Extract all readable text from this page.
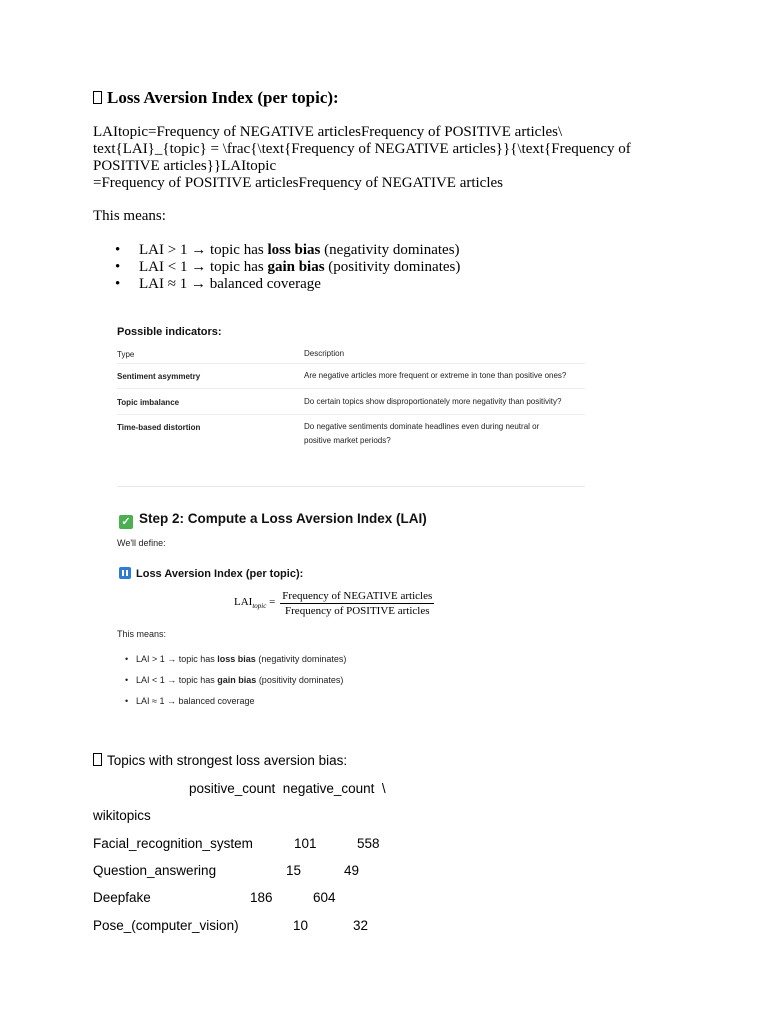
Loss Aversion Index (per topic):
LAItopic=Frequency of NEGATIVE articlesFrequency of POSITIVE articles\
text{LAI}_{topic} = \frac{\text{Frequency of NEGATIVE articles}}{\text{Frequency of
POSITIVE articles}}LAItopic
=Frequency of POSITIVE articlesFrequency of NEGATIVE articles
This means:
• LAI > 1 → topic has loss bias (negativity dominates)
• LAI < 1 → topic has gain bias (positivity dominates)
• LAI ≈ 1 → balanced coverage
Possible indicators:
Type	Description
Sentiment asymmetry	Are negative articles more frequent or extreme in tone than positive ones?
Topic imbalance	Do certain topics show disproportionately more negativity than positivity?
Time-based distortion	Do negative sentiments dominate headlines even during neutral or positive market periods?
✓ Step 2: Compute a Loss Aversion Index (LAI)
We'll define:
Loss Aversion Index (per topic):
$LAI_{topic} = \frac{\text{Frequency of NEGATIVE articles}}{\text{Frequency of POSITIVE articles}}$
This means:
• LAI > 1 → topic has loss bias (negativity dominates)
• LAI < 1 → topic has gain bias (positivity dominates)
• LAI ≈ 1 → balanced coverage
Topics with strongest loss aversion bias:
positive_count  negative_count  \
wikitopics
Facial_recognition_system	101	558
Question_answering	15	49
Deepfake	186	604
Pose_(computer_vision)	10	32
